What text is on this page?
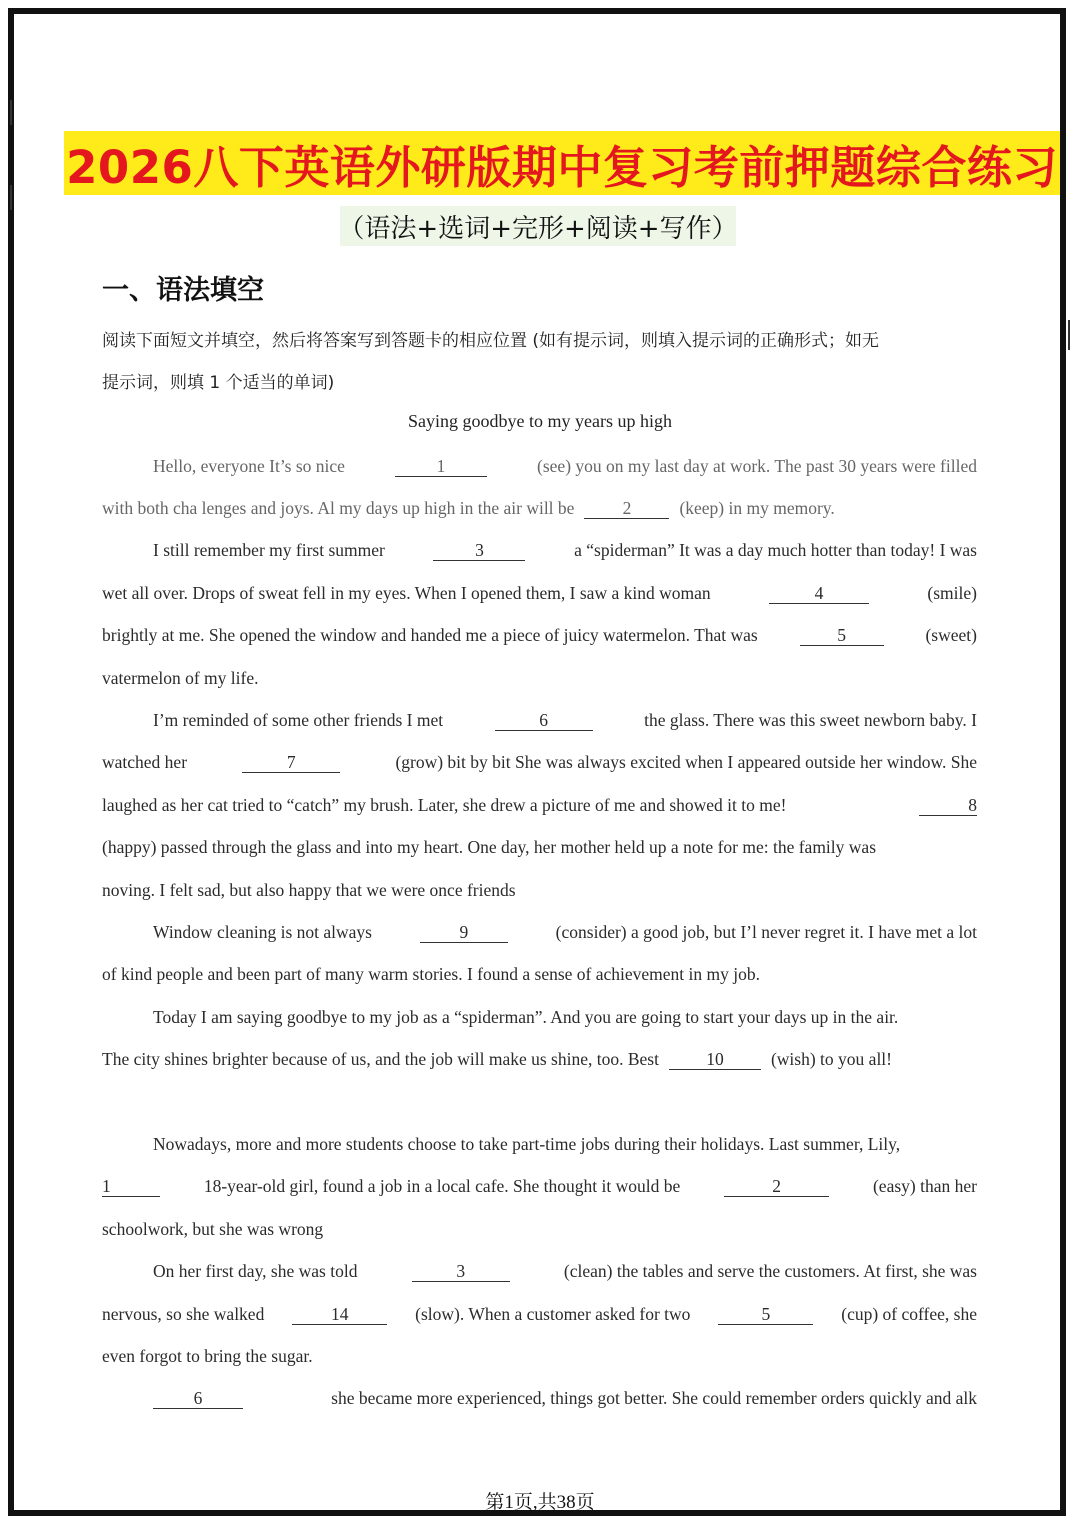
2026八下英语外研版期中复习考前押题综合练习
（语法+选词+完形+阅读+写作）
一、语法填空
阅读下面短文并填空，然后将答案写到答题卡的相应位置 (如有提示词，则填入提示词的正确形式；如无
提示词，则填 1 个适当的单词)
Saying goodbye to my years up high
Hello, everyone It’s so nice	1	(see) you on my last day at work. The past 30 years were filled
with both cha lenges and joys. Al my days up high in the air will be	2	(keep) in my memory.
I still remember my first summer	3	a “spiderman” It was a day much hotter than today! I was
wet all over. Drops of sweat fell in my eyes. When I opened them, I saw a kind woman	4	(smile)
brightly at me. She opened the window and handed me a piece of juicy watermelon. That was	5	(sweet)
vatermelon of my life.
I’m reminded of some other friends I met	6	the glass. There was this sweet newborn baby. I
watched her	7	(grow) bit by bit She was always excited when I appeared outside her window. She
laughed as her cat tried to “catch” my brush. Later, she drew a picture of me and showed it to me!	8
(happy) passed through the glass and into my heart. One day, her mother held up a note for me: the family was
noving. I felt sad, but also happy that we were once friends
Window cleaning is not always	9	(consider) a good job, but I’l never regret it. I have met a lot
of kind people and been part of many warm stories. I found a sense of achievement in my job.
Today I am saying goodbye to my job as a “spiderman”. And you are going to start your days up in the air.
The city shines brighter because of us, and the job will make us shine, too. Best	10	(wish) to you all!
Nowadays, more and more students choose to take part-time jobs during their holidays. Last summer, Lily,
1	18-year-old girl, found a job in a local cafe. She thought it would be	2	(easy) than her
schoolwork, but she was wrong
On her first day, she was told	3	(clean) the tables and serve the customers. At first, she was
nervous, so she walked	14	(slow). When a customer asked for two	5	(cup) of coffee, she
even forgot to bring the sugar.
6	she became more experienced, things got better. She could remember orders quickly and alk
第1页,共38页
